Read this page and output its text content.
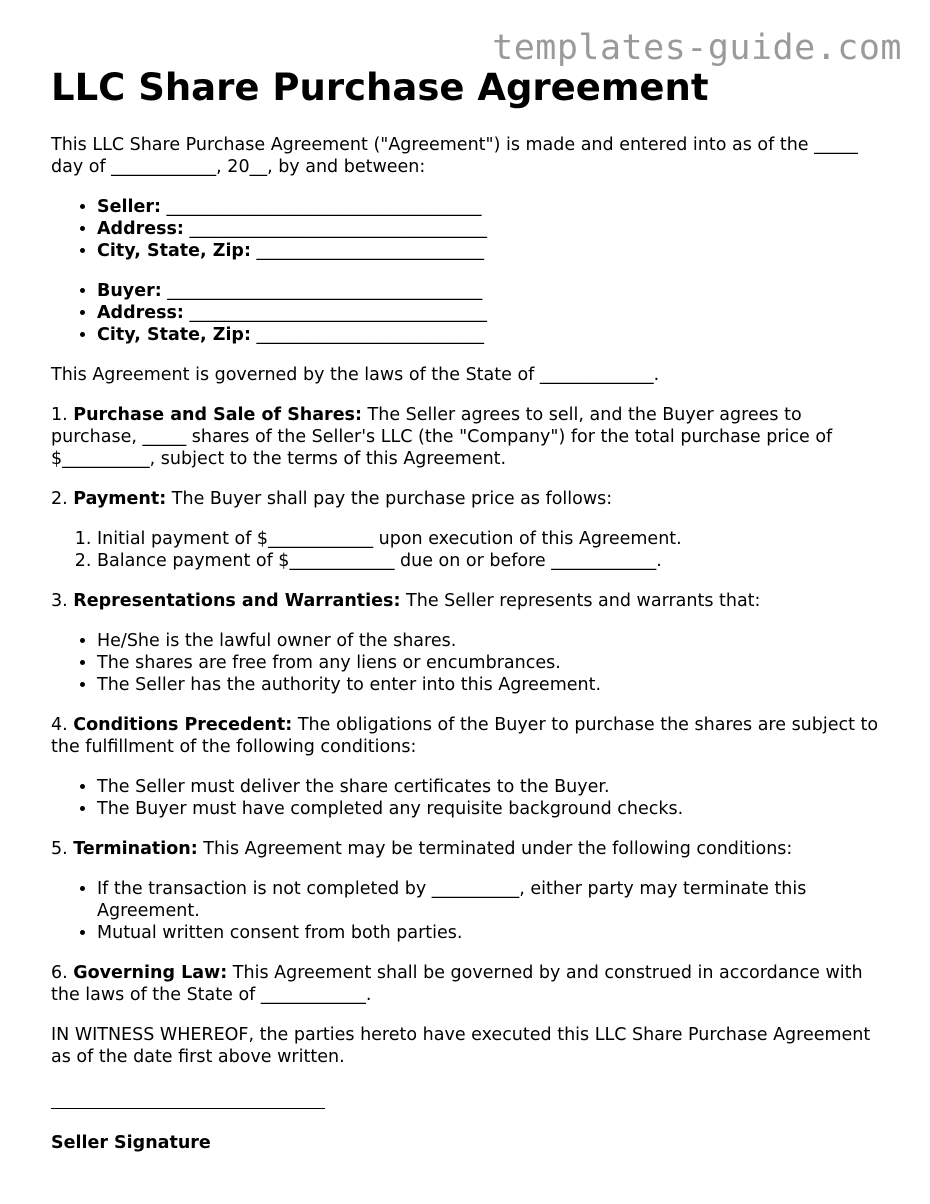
templates-guide.com
LLC Share Purchase Agreement

This LLC Share Purchase Agreement ("Agreement") is made and entered into as of the _____ day of ____________, 20__, by and between:

• Seller: ____________________________________
• Address: __________________________________
• City, State, Zip: __________________________
• Buyer: ____________________________________
• Address: __________________________________
• City, State, Zip: __________________________

This Agreement is governed by the laws of the State of _____________.

1. Purchase and Sale of Shares: The Seller agrees to sell, and the Buyer agrees to purchase, _____ shares of the Seller's LLC (the "Company") for the total purchase price of $__________, subject to the terms of this Agreement.

2. Payment: The Buyer shall pay the purchase price as follows:

1. Initial payment of $____________ upon execution of this Agreement.
2. Balance payment of $____________ due on or before ____________.

3. Representations and Warranties: The Seller represents and warrants that:

• He/She is the lawful owner of the shares.
• The shares are free from any liens or encumbrances.
• The Seller has the authority to enter into this Agreement.

4. Conditions Precedent: The obligations of the Buyer to purchase the shares are subject to the fulfillment of the following conditions:

• The Seller must deliver the share certificates to the Buyer.
• The Buyer must have completed any requisite background checks.

5. Termination: This Agreement may be terminated under the following conditions:

• If the transaction is not completed by __________, either party may terminate this Agreement.
• Mutual written consent from both parties.

6. Governing Law: This Agreement shall be governed by and construed in accordance with the laws of the State of ____________.

IN WITNESS WHEREOF, the parties hereto have executed this LLC Share Purchase Agreement as of the date first above written.

Seller Signature
